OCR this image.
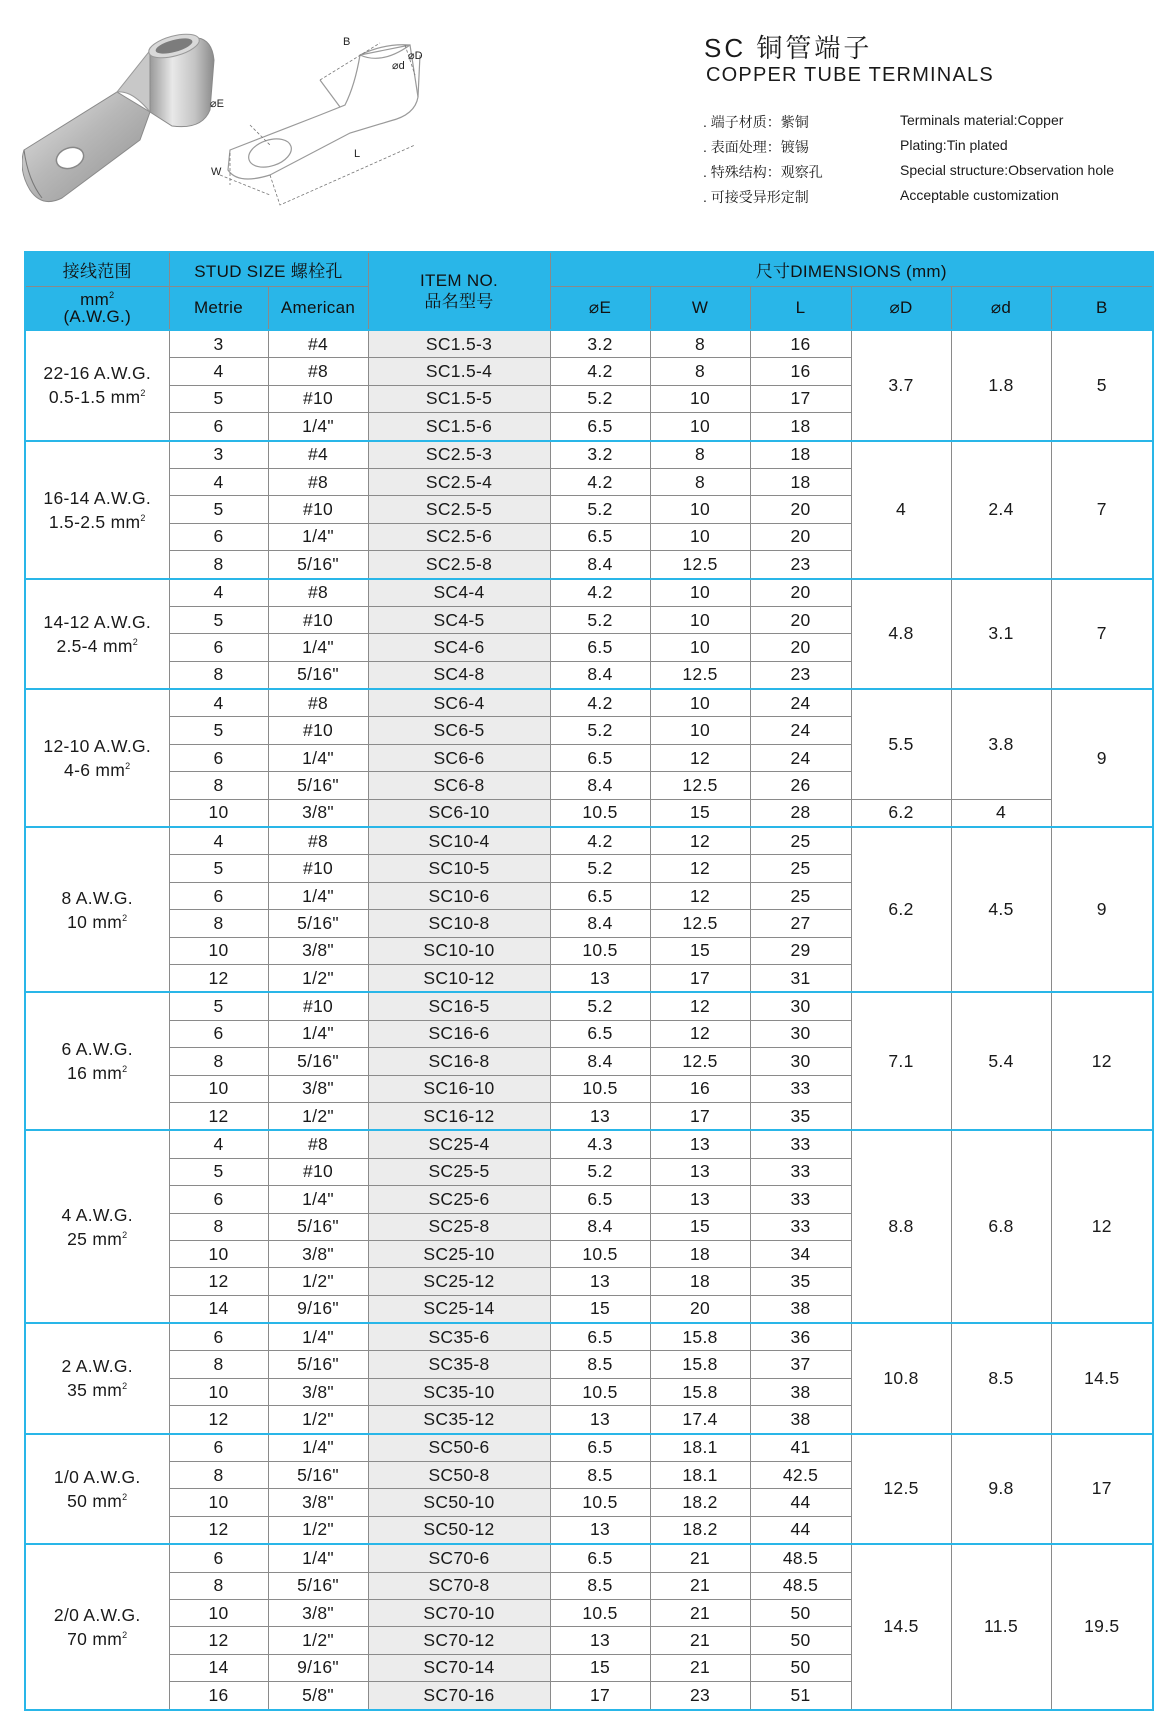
B
⌀d
⌀D
⌀E
L
W
SC 铜管端子
COPPER TUBE TERMINALS
. 端子材质：紫铜	Terminals material:Copper
. 表面处理：镀锡	Plating:Tin plated
. 特殊结构：观察孔	Special structure:Observation hole
. 可接受异形定制	Acceptable customization
接线范围	STUD SIZE 螺栓孔		ITEM NO.
品名型号	尺寸DIMENSIONS (mm)					

$mm^2$
(A.W.G.)	Metrie	American		⌀E	W	L	⌀D	⌀d	B

22-16 A.W.G.
0.5-1.5 $mm^2$	3	#4	SC1.5-3	3.2	8	16	3.7	1.8	5
	4	#8	SC1.5-4	4.2	8	16			
	5	#10	SC1.5-5	5.2	10	17			
	6	1/4"	SC1.5-6	6.5	10	18			

16-14 A.W.G.
1.5-2.5 $mm^2$	3	#4	SC2.5-3	3.2	8	18	4	2.4	7
	4	#8	SC2.5-4	4.2	8	18			
	5	#10	SC2.5-5	5.2	10	20			
	6	1/4"	SC2.5-6	6.5	10	20			
	8	5/16"	SC2.5-8	8.4	12.5	23			

14-12 A.W.G.
2.5-4 $mm^2$	4	#8	SC4-4	4.2	10	20	4.8	3.1	7
	5	#10	SC4-5	5.2	10	20			
	6	1/4"	SC4-6	6.5	10	20			
	8	5/16"	SC4-8	8.4	12.5	23			

12-10 A.W.G.
4-6 $mm^2$	4	#8	SC6-4	4.2	10	24	5.5	3.8	9
	5	#10	SC6-5	5.2	10	24			
	6	1/4"	SC6-6	6.5	12	24			
	8	5/16"	SC6-8	8.4	12.5	26			
	10	3/8"	SC6-10	10.5	15	28	6.2	4	

8 A.W.G.
10 $mm^2$	4	#8	SC10-4	4.2	12	25	6.2	4.5	9
	5	#10	SC10-5	5.2	12	25			
	6	1/4"	SC10-6	6.5	12	25			
	8	5/16"	SC10-8	8.4	12.5	27			
	10	3/8"	SC10-10	10.5	15	29			
	12	1/2"	SC10-12	13	17	31			

6 A.W.G.
16 $mm^2$	5	#10	SC16-5	5.2	12	30	7.1	5.4	12
	6	1/4"	SC16-6	6.5	12	30			
	8	5/16"	SC16-8	8.4	12.5	30			
	10	3/8"	SC16-10	10.5	16	33			
	12	1/2"	SC16-12	13	17	35			

4 A.W.G.
25 $mm^2$	4	#8	SC25-4	4.3	13	33	8.8	6.8	12
	5	#10	SC25-5	5.2	13	33			
	6	1/4"	SC25-6	6.5	13	33			
	8	5/16"	SC25-8	8.4	15	33			
	10	3/8"	SC25-10	10.5	18	34			
	12	1/2"	SC25-12	13	18	35			
	14	9/16"	SC25-14	15	20	38			

2 A.W.G.
35 $mm^2$	6	1/4"	SC35-6	6.5	15.8	36	10.8	8.5	14.5
	8	5/16"	SC35-8	8.5	15.8	37			
	10	3/8"	SC35-10	10.5	15.8	38			
	12	1/2"	SC35-12	13	17.4	38			

1/0 A.W.G.
50 $mm^2$	6	1/4"	SC50-6	6.5	18.1	41	12.5	9.8	17
	8	5/16"	SC50-8	8.5	18.1	42.5			
	10	3/8"	SC50-10	10.5	18.2	44			
	12	1/2"	SC50-12	13	18.2	44			

2/0 A.W.G.
70 $mm^2$	6	1/4"	SC70-6	6.5	21	48.5	14.5	11.5	19.5
	8	5/16"	SC70-8	8.5	21	48.5			
	10	3/8"	SC70-10	10.5	21	50			
	12	1/2"	SC70-12	13	21	50			
	14	9/16"	SC70-14	15	21	50			
	16	5/8"	SC70-16	17	23	51			
